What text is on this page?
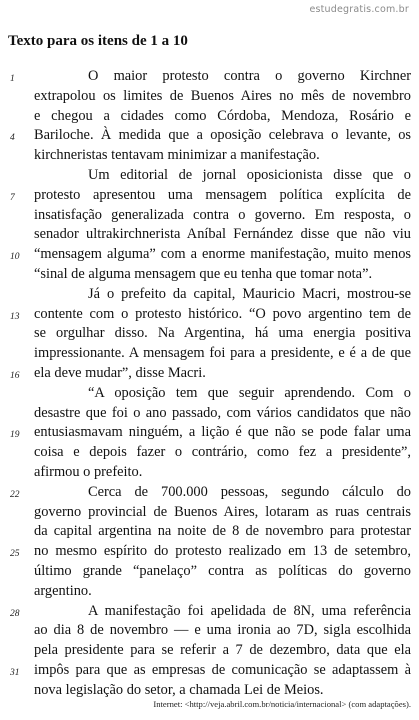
estudegratis.com.br
Texto para os itens de 1 a 10
1	O maior protesto contra o governo Kirchner
extrapolou os limites de Buenos Aires no mês de novembro
e chegou a cidades como Córdoba, Mendoza, Rosário e
4	Bariloche. À medida que a oposição celebrava o levante, os
kirchneristas tentavam minimizar a manifestação.
Um editorial de jornal oposicionista disse que o
7	protesto apresentou uma mensagem política explícita de
insatisfação generalizada contra o governo. Em resposta, o
senador ultrakirchnerista Aníbal Fernández disse que não viu
10	“mensagem alguma” com a enorme manifestação, muito menos
“sinal de alguma mensagem que eu tenha que tomar nota”.
Já o prefeito da capital, Mauricio Macri, mostrou-se
13	contente com o protesto histórico. “O povo argentino tem de
se orgulhar disso. Na Argentina, há uma energia positiva
impressionante. A mensagem foi para a presidente, e é a de que
16	ela deve mudar”, disse Macri.
“A oposição tem que seguir aprendendo. Com o
desastre que foi o ano passado, com vários candidatos que não
19	entusiasmavam ninguém, a lição é que não se pode falar uma
coisa e depois fazer o contrário, como fez a presidente”,
afirmou o prefeito.
22	Cerca de 700.000 pessoas, segundo cálculo do
governo provincial de Buenos Aires, lotaram as ruas centrais
da capital argentina na noite de 8 de novembro para protestar
25	no mesmo espírito do protesto realizado em 13 de setembro,
último grande “panelaço” contra as políticas do governo
argentino.
28	A manifestação foi apelidada de 8N, uma referência
ao dia 8 de novembro — e uma ironia ao 7D, sigla escolhida
pela presidente para se referir a 7 de dezembro, data que ela
31	impôs para que as empresas de comunicação se adaptassem à
nova legislação do setor, a chamada Lei de Meios.
Internet: <http://veja.abril.com.br/noticia/internacional> (com adaptações).
